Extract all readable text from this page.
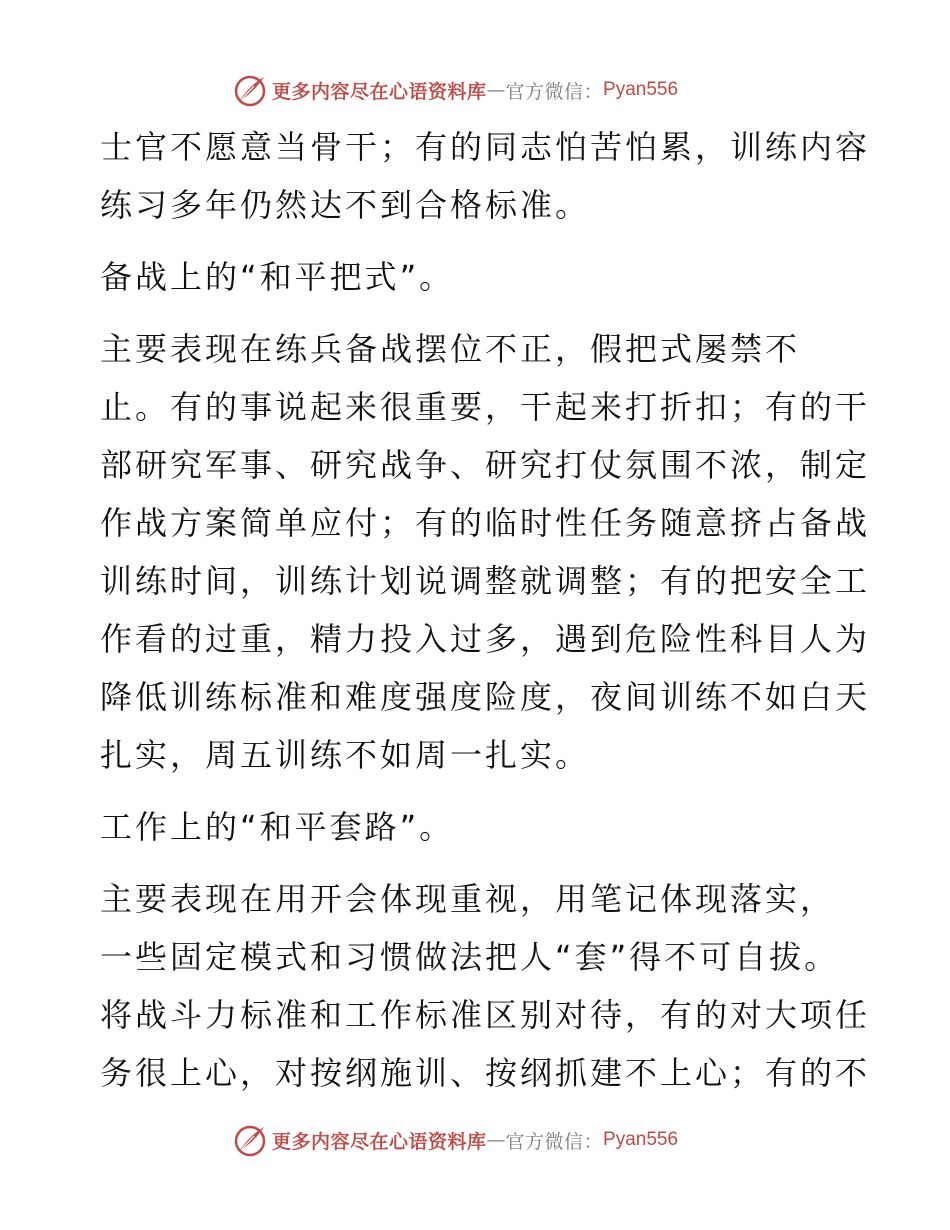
更多内容尽在心语资料库 — 官方微信： Pyan556
士官不愿意当骨干；有的同志怕苦怕累，训练内容
练习多年仍然达不到合格标准。
备战上的“和平把式”。
主要表现在练兵备战摆位不正，假把式屡禁不
止。有的事说起来很重要，干起来打折扣；有的干
部研究军事、研究战争、研究打仗氛围不浓，制定
作战方案简单应付；有的临时性任务随意挤占备战
训练时间，训练计划说调整就调整；有的把安全工
作看的过重，精力投入过多，遇到危险性科目人为
降低训练标准和难度强度险度，夜间训练不如白天
扎实，周五训练不如周一扎实。
工作上的“和平套路”。
主要表现在用开会体现重视，用笔记体现落实，
一些固定模式和习惯做法把人“套”得不可自拔。
将战斗力标准和工作标准区别对待，有的对大项任
务很上心，对按纲施训、按纲抓建不上心；有的不
更多内容尽在心语资料库 — 官方微信： Pyan556
